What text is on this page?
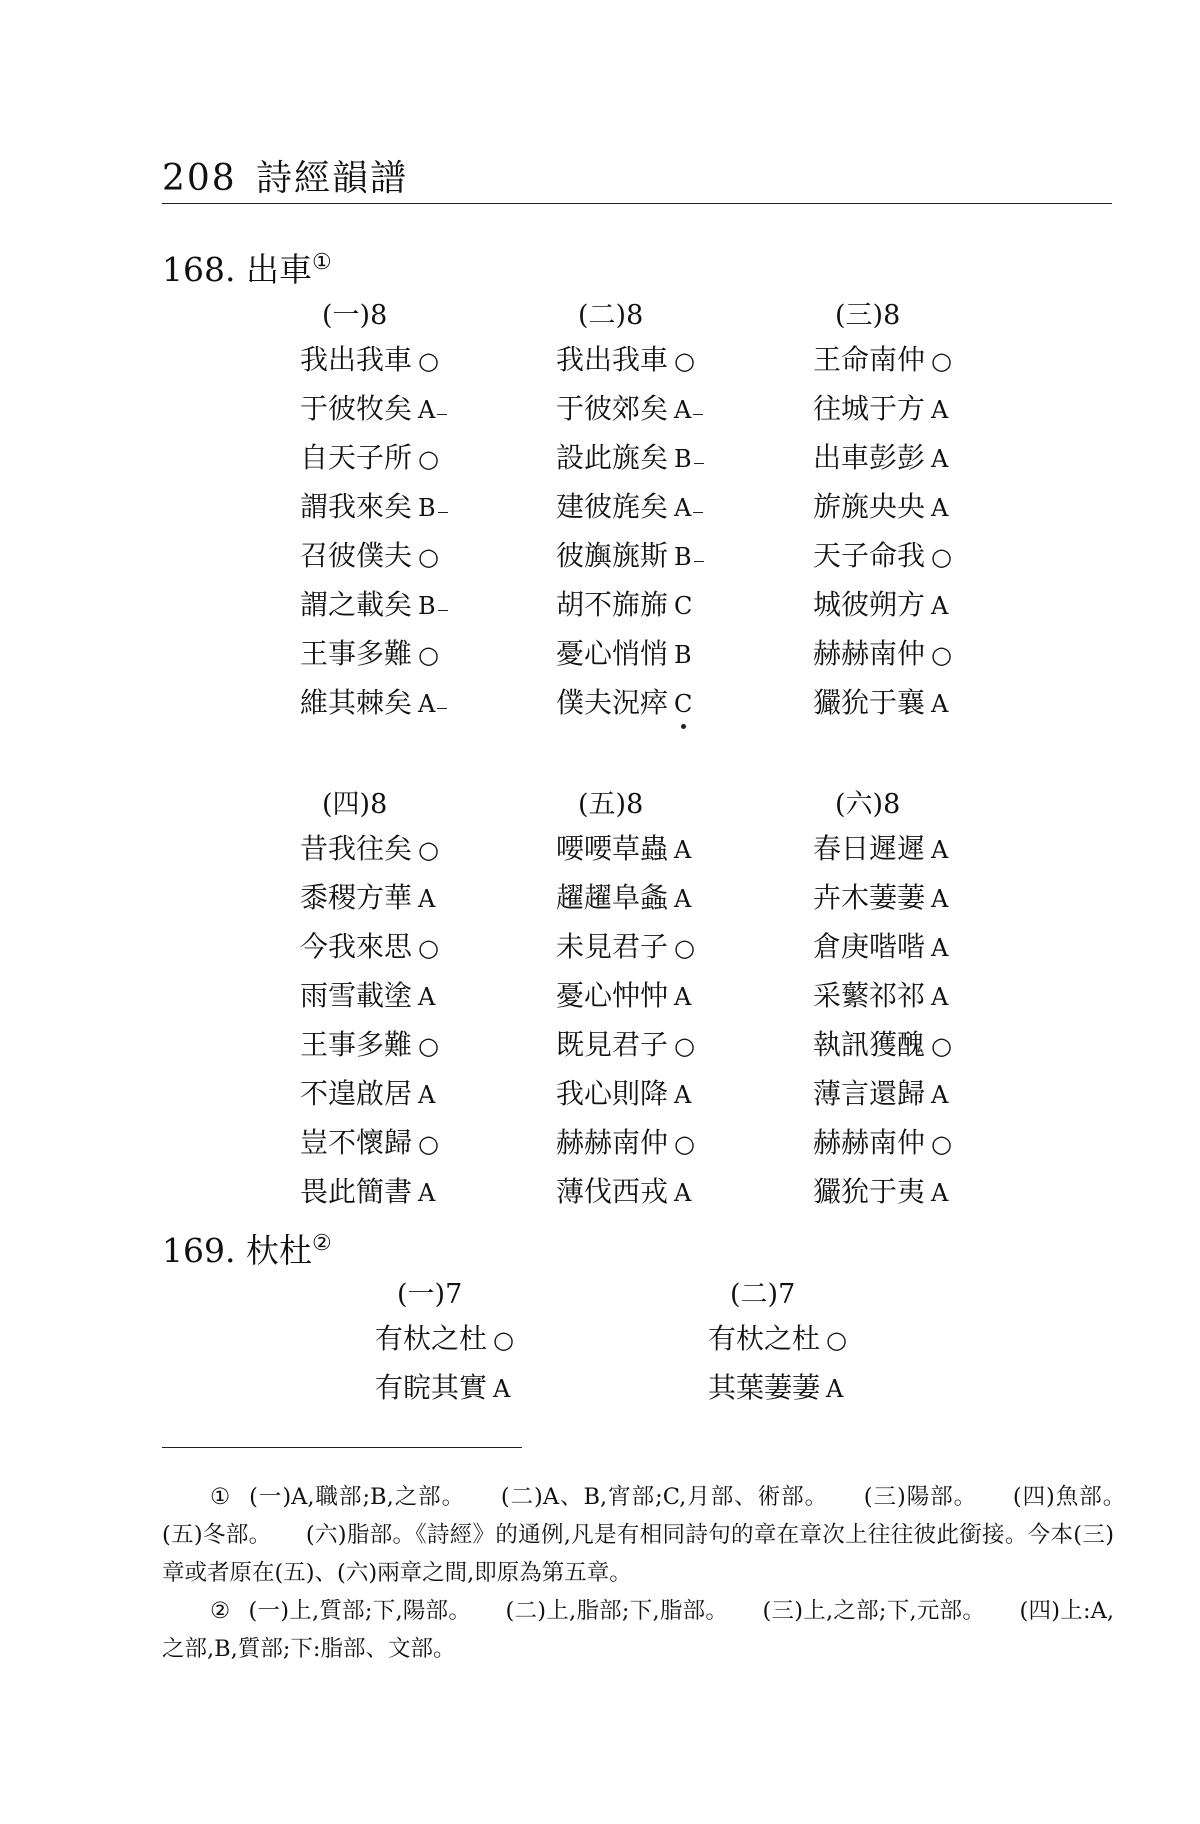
208 詩經韻譜
168. 出車①
(一)8
我出我車 ○
于彼牧矣 A
自天子所 ○
謂我來矣 B
召彼僕夫 ○
謂之載矣 B
王事多難 ○
維其棘矣 A
(二)8
我出我車 ○
于彼郊矣 A
設此旐矣 B
建彼旄矣 A
彼旟旐斯 B
胡不旆旆 C
憂心悄悄 B
僕夫況瘁 C
(三)8
王命南仲 ○
往城于方 A
出車彭彭 A
旂旐央央 A
天子命我 ○
城彼朔方 A
赫赫南仲 ○
玁狁于襄 A
(四)8
昔我往矣 ○
黍稷方華 A
今我來思 ○
雨雪載塗 A
王事多難 ○
不遑啟居 A
豈不懷歸 ○
畏此簡書 A
(五)8
喓喓草蟲 A
趯趯阜螽 A
未見君子 ○
憂心忡忡 A
既見君子 ○
我心則降 A
赫赫南仲 ○
薄伐西戎 A
(六)8
春日遲遲 A
卉木萋萋 A
倉庚喈喈 A
采蘩祁祁 A
執訊獲醜 ○
薄言還歸 A
赫赫南仲 ○
玁狁于夷 A
169. 杕杜②
(一)7
有杕之杜 ○
有睆其實 A
(二)7
有杕之杜 ○
其葉萋萋 A

① (一)A,職部;B,之部。　　(二)A、B,宵部;C,月部、術部。　　(三)陽部。　　(四)魚部。　　(五)冬部。　　(六)脂部。《詩經》的通例,凡是有相同詩句的章在章次上往往彼此銜接。今本(三)章或者原在(五)、(六)兩章之間,即原為第五章。

② (一)上,質部;下,陽部。　　(二)上,脂部;下,脂部。　　(三)上,之部;下,元部。　　(四)上:A,之部,B,質部;下:脂部、文部。
